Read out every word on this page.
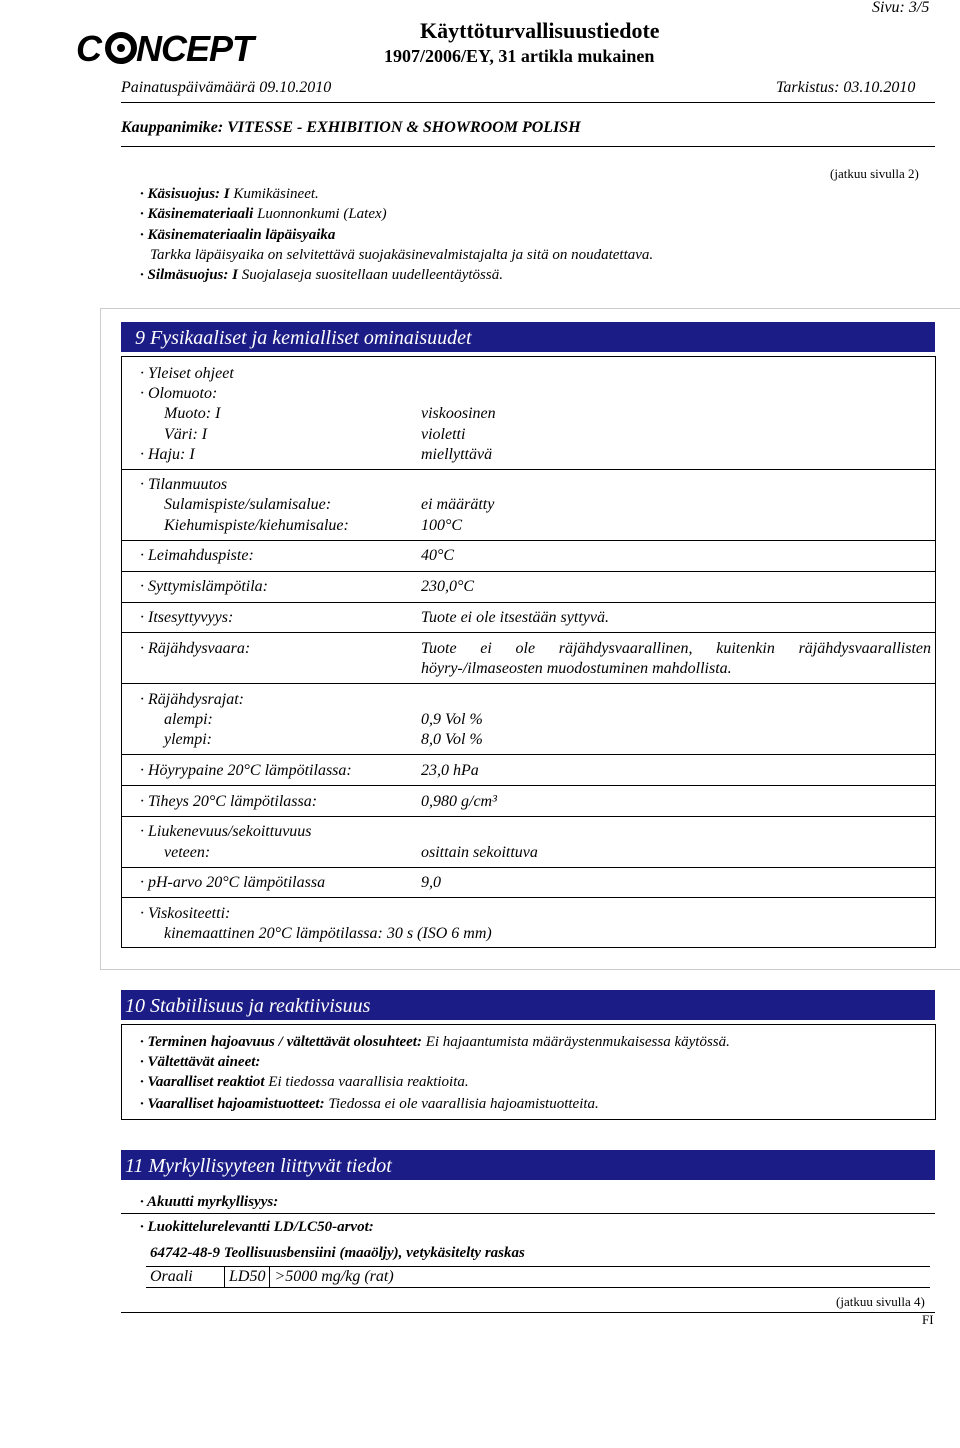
Sivu: 3/5
C NCEPT	Käyttöturvallisuustiedote
1907/2006/EY, 31 artikla mukainen
Painatuspäivämäärä 09.10.2010	Tarkistus: 03.10.2010
Kauppanimike: VITESSE - EXHIBITION & SHOWROOM POLISH
(jatkuu sivulla 2)
· Käsisuojus: I Kumikäsineet.
· Käsinemateriaali Luonnonkumi (Latex)
· Käsinemateriaalin läpäisyaika
Tarkka läpäisyaika on selvitettävä suojakäsinevalmistajalta ja sitä on noudatettava.
· Silmäsuojus: I Suojalaseja suositellaan uudelleentäytössä.
9 Fysikaaliset ja kemialliset ominaisuudet
· Yleiset ohjeet
· Olomuoto:
Muoto: I	viskoosinen
Väri: I	violetti
· Haju: I	miellyttävä
· Tilanmuutos
Sulamispiste/sulamisalue:	ei määrätty
Kiehumispiste/kiehumisalue:	100°C
· Leimahduspiste:	40°C
· Syttymislämpötila:	230,0°C
· Itsesyttyvyys:	Tuote ei ole itsestään syttyvä.
· Räjähdysvaara:	Tuote ei ole räjähdysvaarallinen, kuitenkin räjähdysvaarallisten
höyry-/ilmaseosten muodostuminen mahdollista.
· Räjähdysrajat:
alempi:	0,9 Vol %
ylempi:	8,0 Vol %
· Höyrypaine 20°C lämpötilassa:	23,0 hPa
· Tiheys 20°C lämpötilassa:	0,980 g/cm³
· Liukenevuus/sekoittuvuus
veteen:	osittain sekoittuva
· pH-arvo 20°C lämpötilassa	9,0
· Viskositeetti:
kinemaattinen 20°C lämpötilassa: 30 s (ISO 6 mm)
10 Stabiilisuus ja reaktiivisuus
· Terminen hajoavuus / vältettävät olosuhteet: Ei hajaantumista määräystenmukaisessa käytössä.
· Vältettävät aineet:
· Vaaralliset reaktiot Ei tiedossa vaarallisia reaktioita.
· Vaaralliset hajoamistuotteet: Tiedossa ei ole vaarallisia hajoamistuotteita.
11 Myrkyllisyyteen liittyvät tiedot
· Akuutti myrkyllisyys:
· Luokittelurelevantti LD/LC50-arvot:
64742-48-9 Teollisuusbensiini (maaöljy), vetykäsitelty raskas
Oraali	LD50	>5000 mg/kg (rat)
(jatkuu sivulla 4)
FI
